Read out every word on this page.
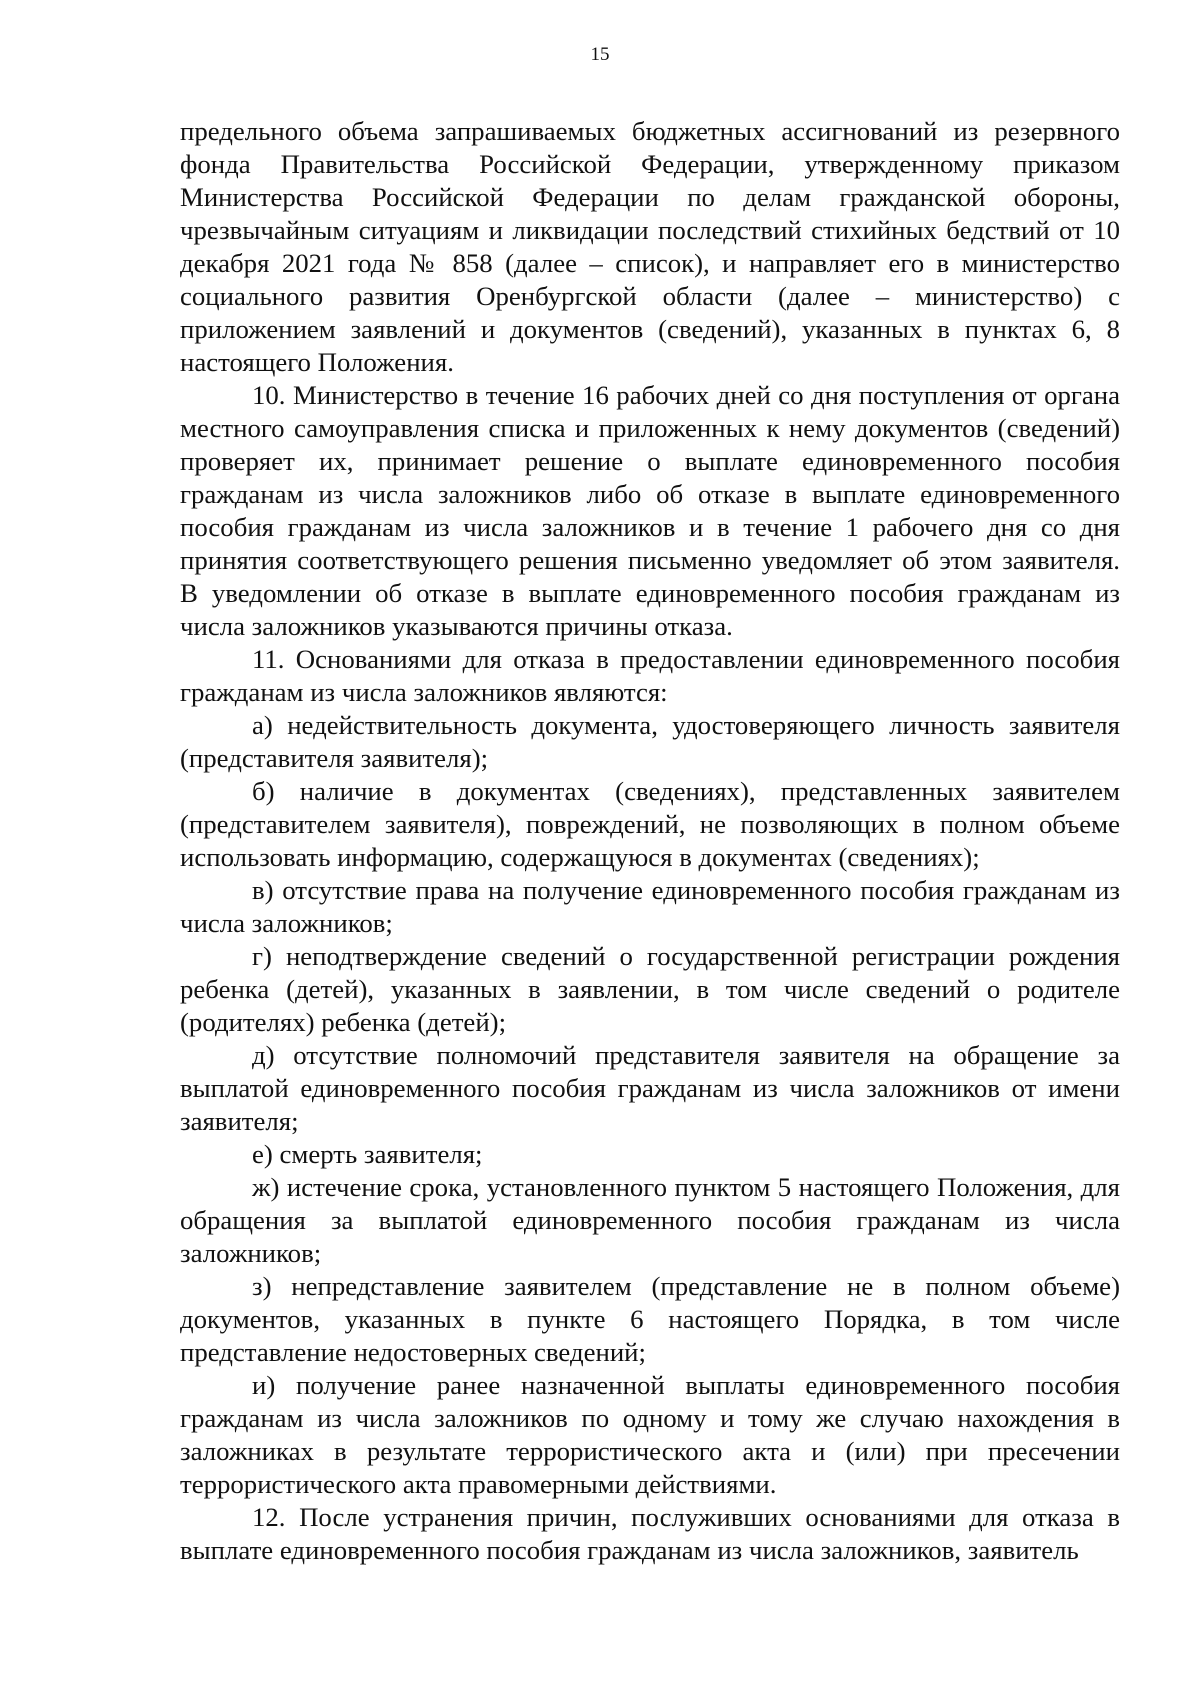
15

предельного объема запрашиваемых бюджетных ассигнований из резервного фонда Правительства Российской Федерации, утвержденному приказом Министерства Российской Федерации по делам гражданской обороны, чрезвычайным ситуациям и ликвидации последствий стихийных бедствий от 10 декабря 2021 года № 858 (далее – список), и направляет его в министерство социального развития Оренбургской области (далее – министерство) с приложением заявлений и документов (сведений), указанных в пунктах 6, 8 настоящего Положения.

10. Министерство в течение 16 рабочих дней со дня поступления от органа местного самоуправления списка и приложенных к нему документов (сведений) проверяет их, принимает решение о выплате единовременного пособия гражданам из числа заложников либо об отказе в выплате единовременного пособия гражданам из числа заложников и в течение 1 рабочего дня со дня принятия соответствующего решения письменно уведомляет об этом заявителя. В уведомлении об отказе в выплате единовременного пособия гражданам из числа заложников указываются причины отказа.

11. Основаниями для отказа в предоставлении единовременного пособия гражданам из числа заложников являются:

а) недействительность документа, удостоверяющего личность заявителя (представителя заявителя);

б) наличие в документах (сведениях), представленных заявителем (представителем заявителя), повреждений, не позволяющих в полном объеме использовать информацию, содержащуюся в документах (сведениях);

в) отсутствие права на получение единовременного пособия гражданам из числа заложников;

г) неподтверждение сведений о государственной регистрации рождения ребенка (детей), указанных в заявлении, в том числе сведений о родителе (родителях) ребенка (детей);

д) отсутствие полномочий представителя заявителя на обращение за выплатой единовременного пособия гражданам из числа заложников от имени заявителя;

е) смерть заявителя;

ж) истечение срока, установленного пунктом 5 настоящего Положения, для обращения за выплатой единовременного пособия гражданам из числа заложников;

з) непредставление заявителем (представление не в полном объеме) документов, указанных в пункте 6 настоящего Порядка, в том числе представление недостоверных сведений;

и) получение ранее назначенной выплаты единовременного пособия гражданам из числа заложников по одному и тому же случаю нахождения в заложниках в результате террористического акта и (или) при пресечении террористического акта правомерными действиями.

12. После устранения причин, послуживших основаниями для отказа в выплате единовременного пособия гражданам из числа заложников, заявитель
